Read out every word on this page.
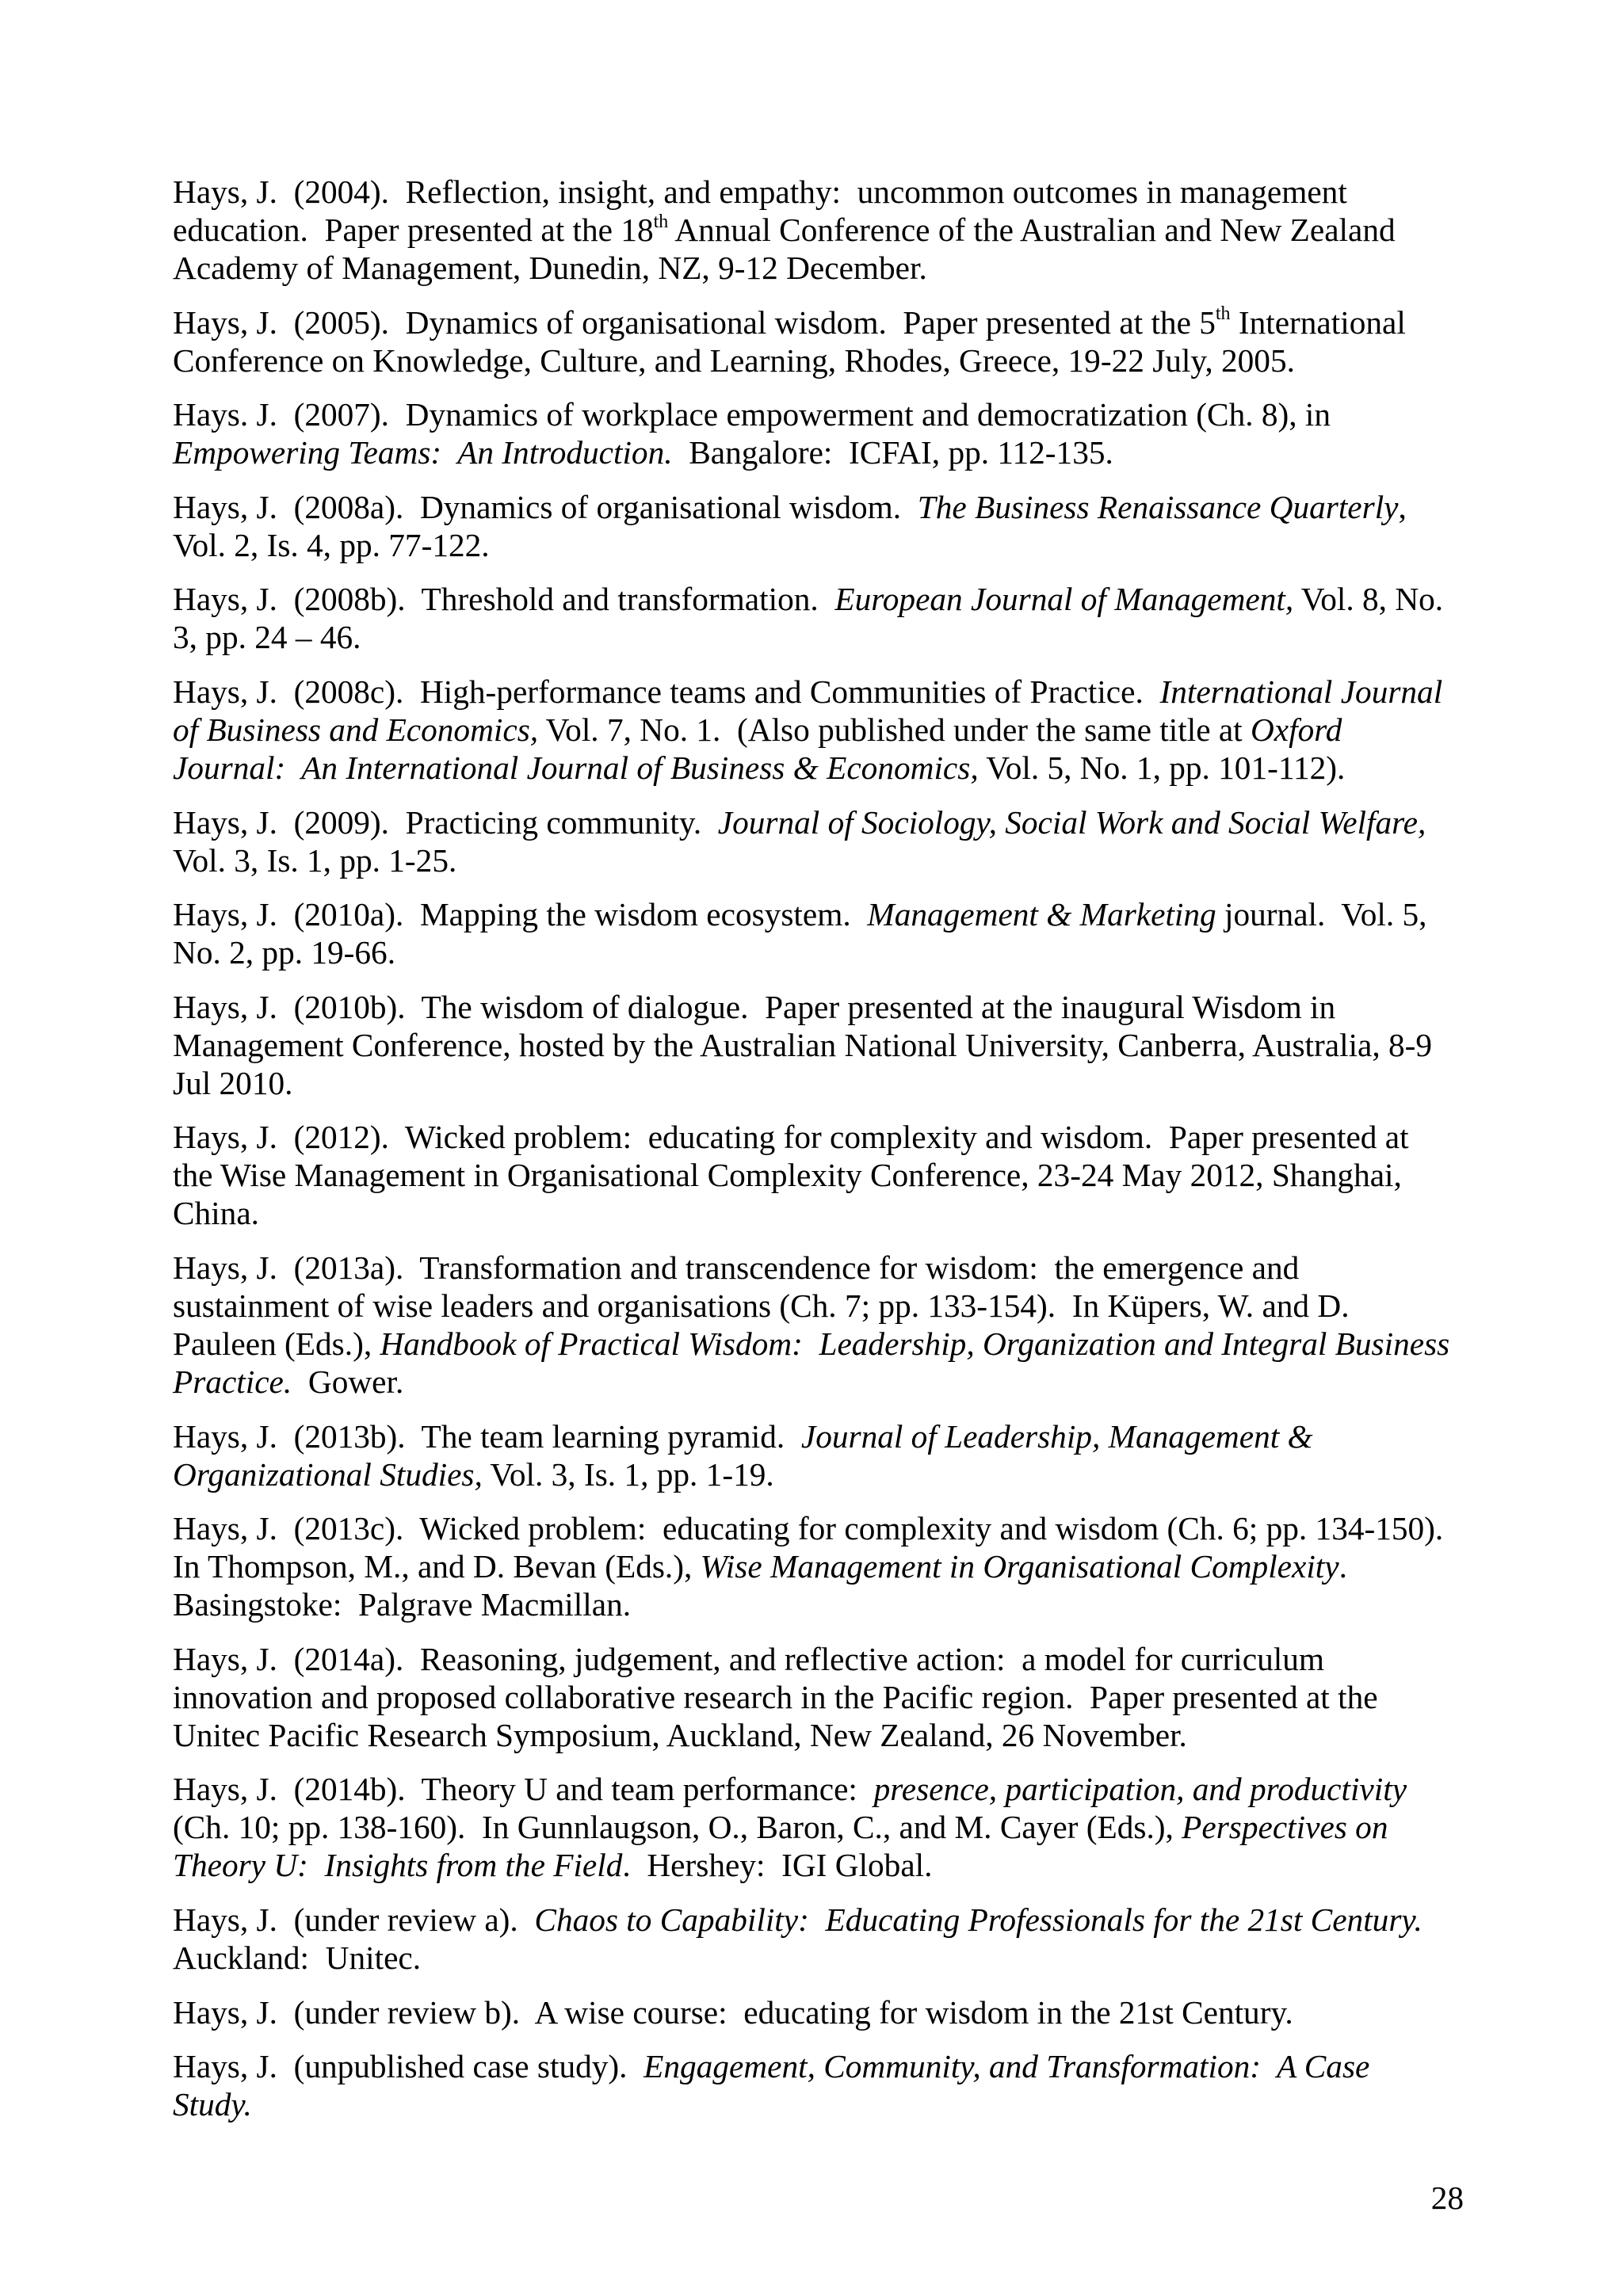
Hays, J.  (2004).  Reflection, insight, and empathy:  uncommon outcomes in management
education.  Paper presented at the 18th Annual Conference of the Australian and New Zealand
Academy of Management, Dunedin, NZ, 9-12 December.
Hays, J.  (2005).  Dynamics of organisational wisdom.  Paper presented at the 5th International
Conference on Knowledge, Culture, and Learning, Rhodes, Greece, 19-22 July, 2005.
Hays. J.  (2007).  Dynamics of workplace empowerment and democratization (Ch. 8), in
Empowering Teams:  An Introduction.  Bangalore:  ICFAI, pp. 112-135.
Hays, J.  (2008a).  Dynamics of organisational wisdom.  The Business Renaissance Quarterly,
Vol. 2, Is. 4, pp. 77-122.
Hays, J.  (2008b).  Threshold and transformation.  European Journal of Management, Vol. 8, No.
3, pp. 24 – 46.
Hays, J.  (2008c).  High-performance teams and Communities of Practice.  International Journal
of Business and Economics, Vol. 7, No. 1.  (Also published under the same title at Oxford
Journal:  An International Journal of Business & Economics, Vol. 5, No. 1, pp. 101-112).
Hays, J.  (2009).  Practicing community.  Journal of Sociology, Social Work and Social Welfare,
Vol. 3, Is. 1, pp. 1-25.
Hays, J.  (2010a).  Mapping the wisdom ecosystem.  Management & Marketing journal.  Vol. 5,
No. 2, pp. 19-66.
Hays, J.  (2010b).  The wisdom of dialogue.  Paper presented at the inaugural Wisdom in
Management Conference, hosted by the Australian National University, Canberra, Australia, 8-9
Jul 2010.
Hays, J.  (2012).  Wicked problem:  educating for complexity and wisdom.  Paper presented at
the Wise Management in Organisational Complexity Conference, 23-24 May 2012, Shanghai,
China.
Hays, J.  (2013a).  Transformation and transcendence for wisdom:  the emergence and
sustainment of wise leaders and organisations (Ch. 7; pp. 133-154).  In Küpers, W. and D.
Pauleen (Eds.), Handbook of Practical Wisdom:  Leadership, Organization and Integral Business
Practice.  Gower.
Hays, J.  (2013b).  The team learning pyramid.  Journal of Leadership, Management &
Organizational Studies, Vol. 3, Is. 1, pp. 1-19.
Hays, J.  (2013c).  Wicked problem:  educating for complexity and wisdom (Ch. 6; pp. 134-150).
In Thompson, M., and D. Bevan (Eds.), Wise Management in Organisational Complexity.
Basingstoke:  Palgrave Macmillan.
Hays, J.  (2014a).  Reasoning, judgement, and reflective action:  a model for curriculum
innovation and proposed collaborative research in the Pacific region.  Paper presented at the
Unitec Pacific Research Symposium, Auckland, New Zealand, 26 November.
Hays, J.  (2014b).  Theory U and team performance:  presence, participation, and productivity
(Ch. 10; pp. 138-160).  In Gunnlaugson, O., Baron, C., and M. Cayer (Eds.), Perspectives on
Theory U:  Insights from the Field.  Hershey:  IGI Global.
Hays, J.  (under review a).  Chaos to Capability:  Educating Professionals for the 21st Century.
Auckland:  Unitec.
Hays, J.  (under review b).  A wise course:  educating for wisdom in the 21st Century.
Hays, J.  (unpublished case study).  Engagement, Community, and Transformation:  A Case
Study.
28
